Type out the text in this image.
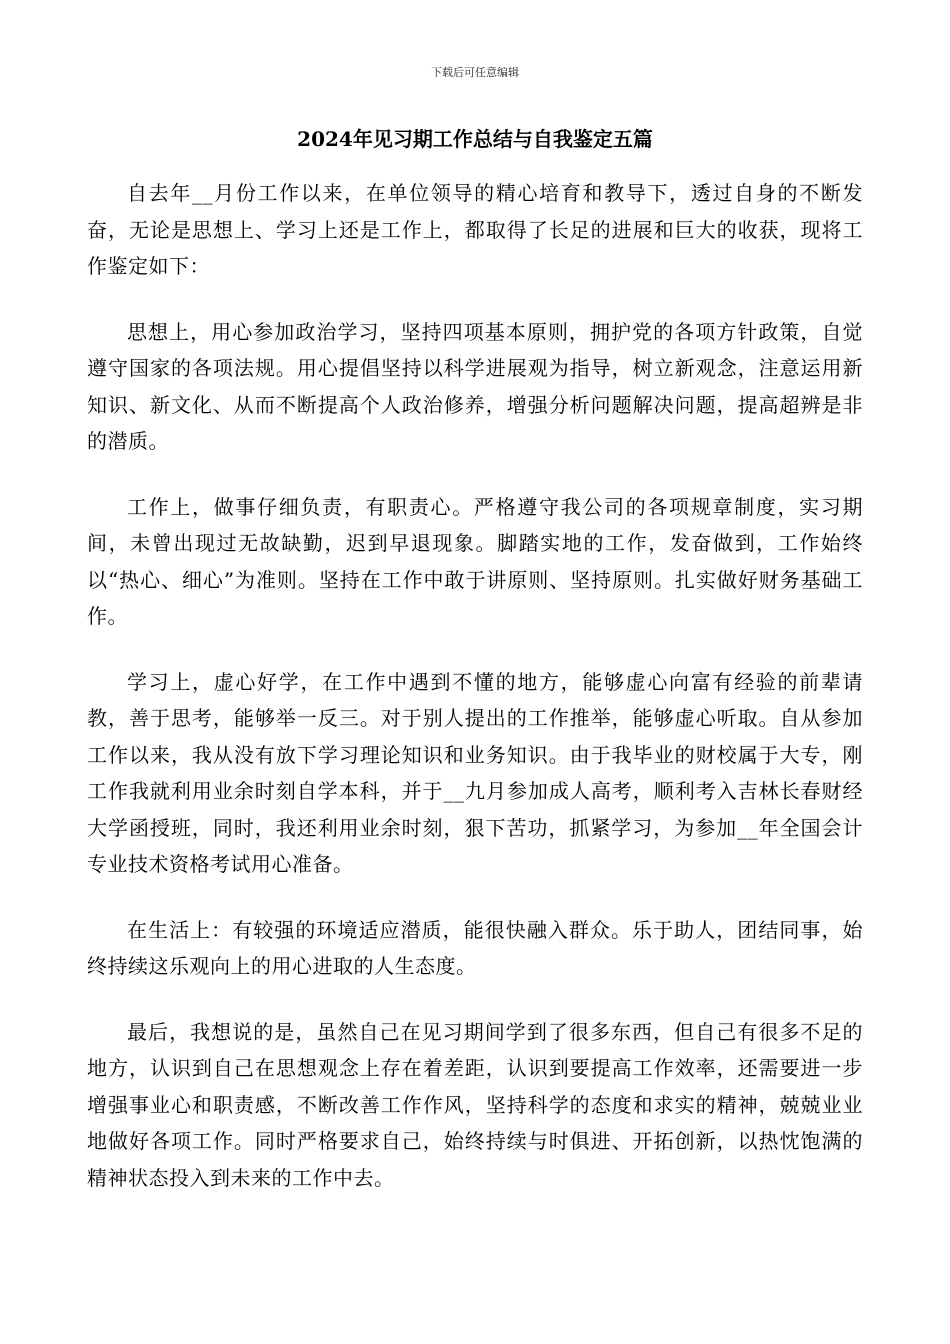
下载后可任意编辑
2024年见习期工作总结与自我鉴定五篇

自去年__月份工作以来，在单位领导的精心培育和教导下，透过自身的不断发奋，无论是思想上、学习上还是工作上，都取得了长足的进展和巨大的收获，现将工作鉴定如下：

思想上，用心参加政治学习，坚持四项基本原则，拥护党的各项方针政策，自觉遵守国家的各项法规。用心提倡坚持以科学进展观为指导，树立新观念，注意运用新知识、新文化、从而不断提高个人政治修养，增强分析问题解决问题，提高超辨是非的潜质。

工作上，做事仔细负责，有职责心。严格遵守我公司的各项规章制度，实习期间，未曾出现过无故缺勤，迟到早退现象。脚踏实地的工作，发奋做到，工作始终以“热心、细心”为准则。坚持在工作中敢于讲原则、坚持原则。扎实做好财务基础工作。

学习上，虚心好学，在工作中遇到不懂的地方，能够虚心向富有经验的前辈请教，善于思考，能够举一反三。对于别人提出的工作推举，能够虚心听取。自从参加工作以来，我从没有放下学习理论知识和业务知识。由于我毕业的财校属于大专，刚工作我就利用业余时刻自学本科，并于__九月参加成人高考，顺利考入吉林长春财经大学函授班，同时，我还利用业余时刻，狠下苦功，抓紧学习，为参加__年全国会计专业技术资格考试用心准备。

在生活上：有较强的环境适应潜质，能很快融入群众。乐于助人，团结同事，始终持续这乐观向上的用心进取的人生态度。

最后，我想说的是，虽然自己在见习期间学到了很多东西，但自己有很多不足的地方，认识到自己在思想观念上存在着差距，认识到要提高工作效率，还需要进一步增强事业心和职责感，不断改善工作作风，坚持科学的态度和求实的精神，兢兢业业地做好各项工作。同时严格要求自己，始终持续与时俱进、开拓创新，以热忱饱满的精神状态投入到未来的工作中去。
